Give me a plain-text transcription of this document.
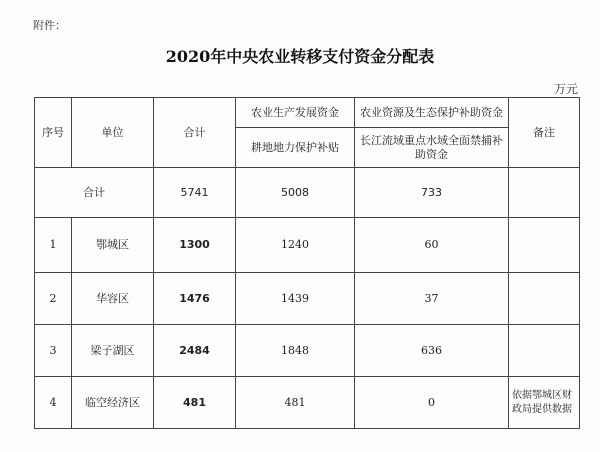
附件：
2020年中央农业转移支付资金分配表
万元
序号	单位	合计	农业生产发展资金	农业资源及生态保护补助资金	备注
			耕地地力保护补贴	长江流域重点水域全面禁捕补助资金	
合计		5741	5008	733	
1	鄂城区	1300	1240	60	
2	华容区	1476	1439	37	
3	梁子湖区	2484	1848	636	
4	临空经济区	481	481	0	依据鄂城区财政局提供数据
